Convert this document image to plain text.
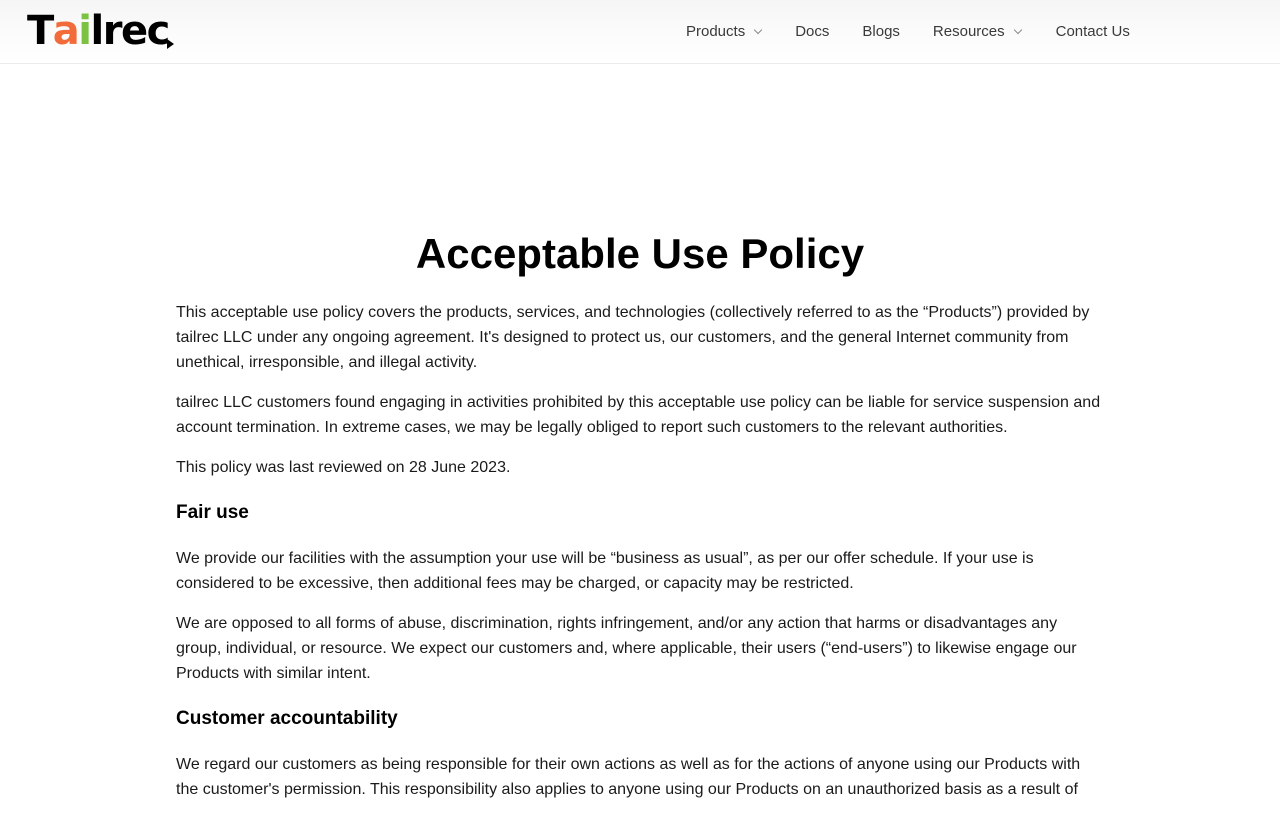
T a i l r e c	Products	Docs Blogs Resources	Contact Us
Acceptable Use Policy

This acceptable use policy covers the products, services, and technologies (collectively referred to as the “Products”) provided by tailrec LLC under any ongoing agreement. It's designed to protect us, our customers, and the general Internet community from unethical, irresponsible, and illegal activity.

tailrec LLC customers found engaging in activities prohibited by this acceptable use policy can be liable for service suspension and account termination. In extreme cases, we may be legally obliged to report such customers to the relevant authorities.

This policy was last reviewed on 28 June 2023.

Fair use

We provide our facilities with the assumption your use will be “business as usual”, as per our offer schedule. If your use is considered to be excessive, then additional fees may be charged, or capacity may be restricted.

We are opposed to all forms of abuse, discrimination, rights infringement, and/or any action that harms or disadvantages any group, individual, or resource. We expect our customers and, where applicable, their users (“end-users”) to likewise engage our Products with similar intent.

Customer accountability

We regard our customers as being responsible for their own actions as well as for the actions of anyone using our Products with the customer's permission. This responsibility also applies to anyone using our Products on an unauthorized basis as a result of
